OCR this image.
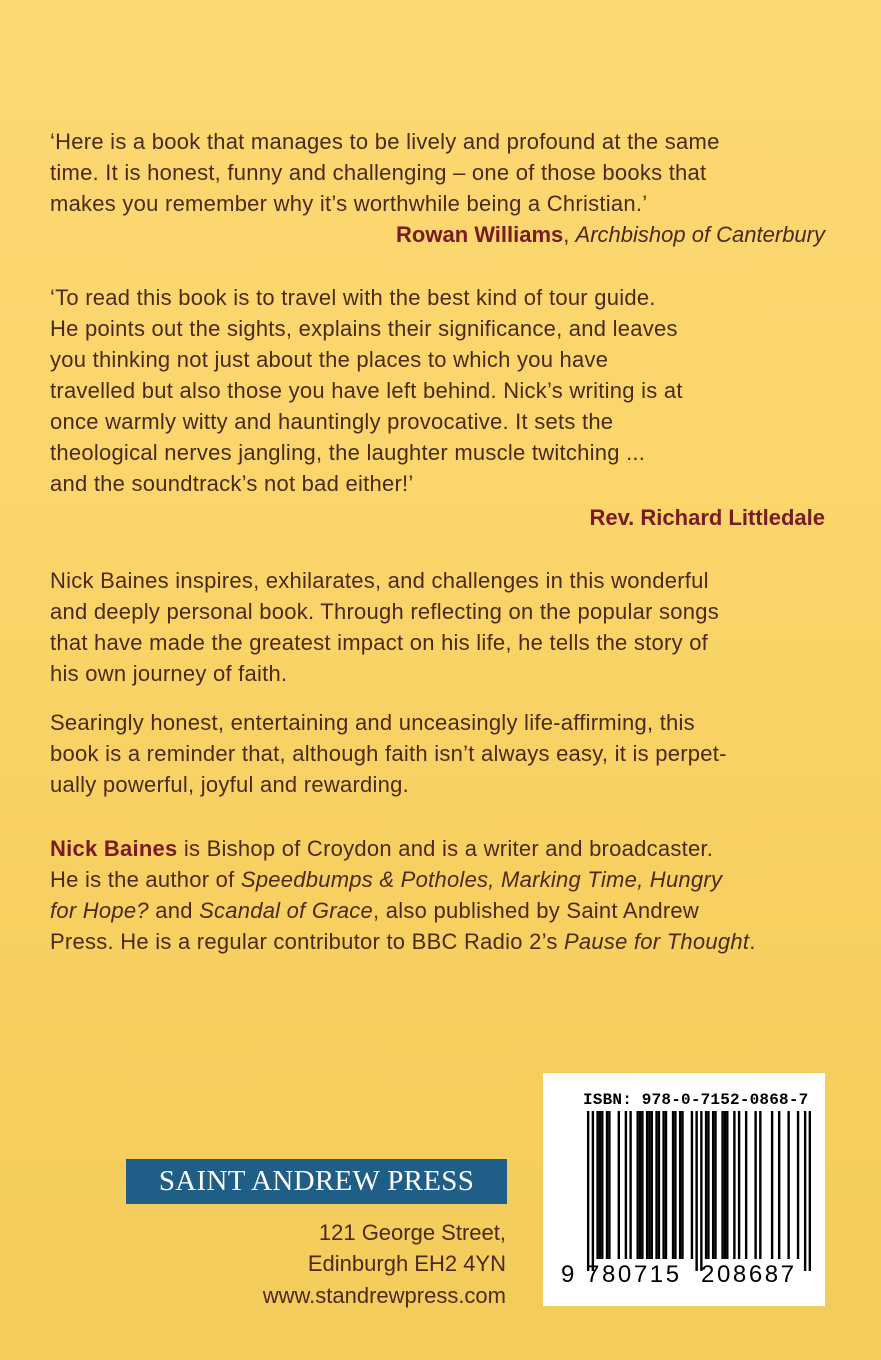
‘Here is a book that manages to be lively and profound at the same
time. It is honest, funny and challenging – one of those books that
makes you remember why it’s worthwhile being a Christian.’
Rowan Williams, Archbishop of Canterbury
‘To read this book is to travel with the best kind of tour guide.
He points out the sights, explains their significance, and leaves
you thinking not just about the places to which you have
travelled but also those you have left behind. Nick’s writing is at
once warmly witty and hauntingly provocative. It sets the
theological nerves jangling, the laughter muscle twitching ...
and the soundtrack’s not bad either!’
Rev. Richard Littledale
Nick Baines inspires, exhilarates, and challenges in this wonderful
and deeply personal book. Through reflecting on the popular songs
that have made the greatest impact on his life, he tells the story of
his own journey of faith.
Searingly honest, entertaining and unceasingly life-affirming, this
book is a reminder that, although faith isn’t always easy, it is perpet-
ually powerful, joyful and rewarding.
Nick Baines is Bishop of Croydon and is a writer and broadcaster.
He is the author of Speedbumps & Potholes, Marking Time, Hungry
for Hope? and Scandal of Grace, also published by Saint Andrew
Press. He is a regular contributor to BBC Radio 2’s Pause for Thought.
SAINT ANDREW PRESS
121 George Street,
Edinburgh EH2 4YN
www.standrewpress.com
ISBN: 978-0-7152-0868-7
9 780715 208687
